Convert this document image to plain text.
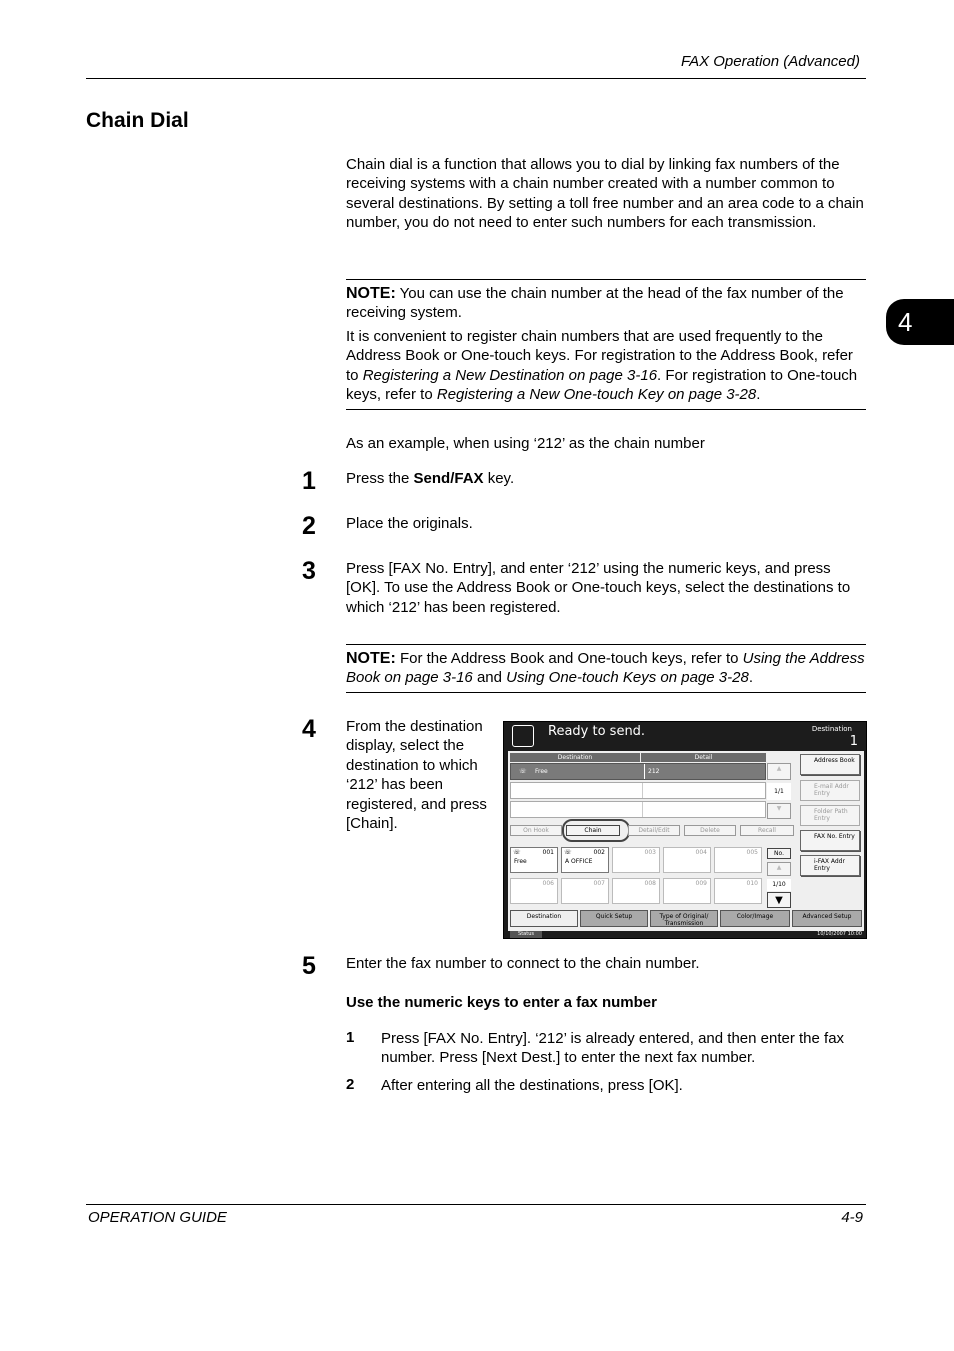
FAX Operation (Advanced)
Chain Dial
4
Chain dial is a function that allows you to dial by linking fax numbers of the receiving systems with a chain number created with a number common to several destinations. By setting a toll free number and an area code to a chain number, you do not need to enter such numbers for each transmission.
NOTE: You can use the chain number at the head of the fax number of the receiving system.
It is convenient to register chain numbers that are used frequently to the Address Book or One-touch keys. For registration to the Address Book, refer to Registering a New Destination on page 3-16. For registration to One-touch keys, refer to Registering a New One-touch Key on page 3-28.
As an example, when using ‘212’ as the chain number
1 Press the Send/FAX key.
2 Place the originals.
3 Press [FAX No. Entry], and enter ‘212’ using the numeric keys, and press [OK]. To use the Address Book or One-touch keys, select the destinations to which ‘212’ has been registered.
NOTE: For the Address Book and One-touch keys, refer to Using the Address Book on page 3-16 and Using One-touch Keys on page 3-28.
4 From the destination display, select the destination to which ‘212’ has been registered, and press [Chain].
Ready to send.	Destination
1
Destination	Detail
☏ Free	212	▲
1/1
▼
On Hook	Chain	Detail/Edit	Delete	Recall
Address Book
E-mail Addr Entry
Folder Path Entry
FAX No. Entry
i-FAX Addr Entry
☏	001
Free
☏	002
A OFFICE
003	004	005
006	007	008	009	010
No.
▲
1/10
▼
Destination	Quick Setup	Type of Original/ Transmission
Color/Image	Advanced Setup
Status	10/10/2007 10:00
5 Enter the fax number to connect to the chain number.
Use the numeric keys to enter a fax number
1 Press [FAX No. Entry]. ‘212’ is already entered, and then enter the fax number. Press [Next Dest.] to enter the next fax number.
2 After entering all the destinations, press [OK].
OPERATION GUIDE	4-9
